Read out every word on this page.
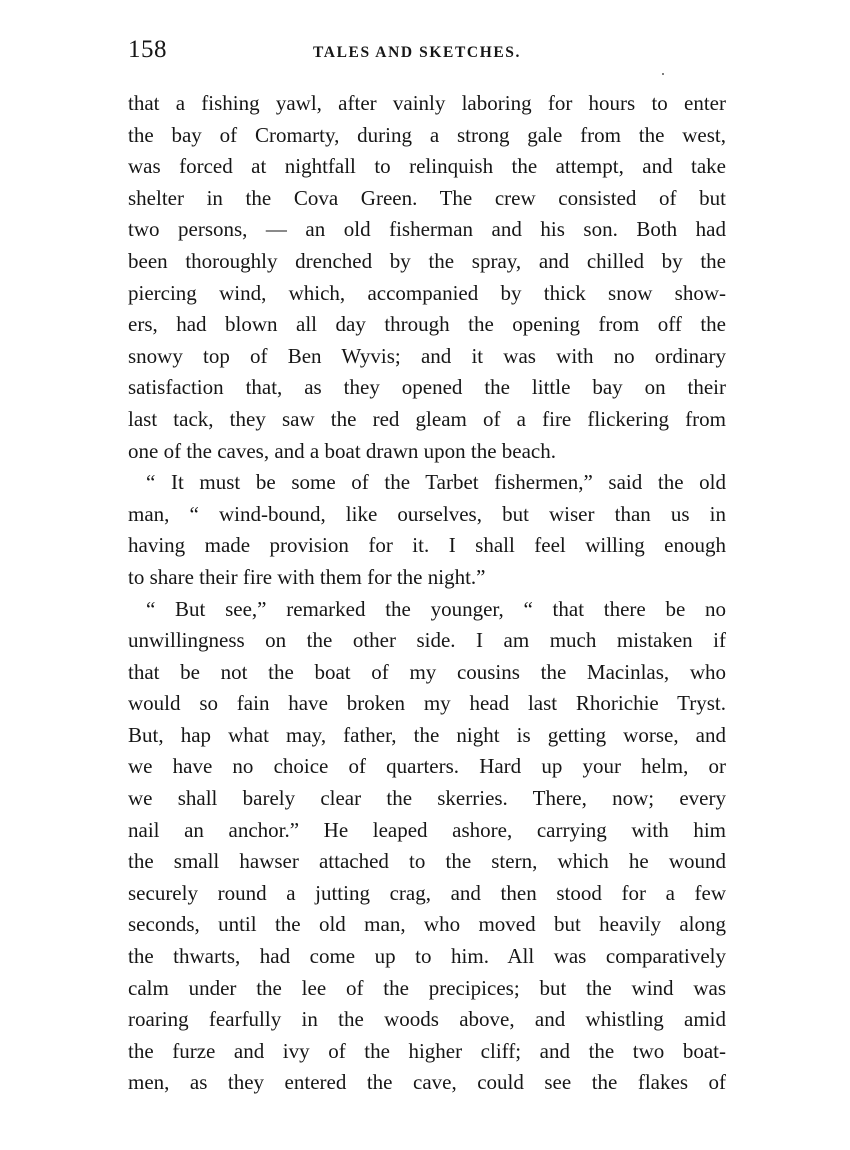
158	TALES AND SKETCHES.
that a fishing yawl, after vainly laboring for hours to enter
the bay of Cromarty, during a strong gale from the west,
was forced at nightfall to relinquish the attempt, and take
shelter in the Cova Green. The crew consisted of but
two persons, — an old fisherman and his son. Both had
been thoroughly drenched by the spray, and chilled by the
piercing wind, which, accompanied by thick snow show-
ers, had blown all day through the opening from off the
snowy top of Ben Wyvis; and it was with no ordinary
satisfaction that, as they opened the little bay on their
last tack, they saw the red gleam of a fire flickering from
one of the caves, and a boat drawn upon the beach.
“ It must be some of the Tarbet fishermen,” said the old
man, “ wind-bound, like ourselves, but wiser than us in
having made provision for it. I shall feel willing enough
to share their fire with them for the night.”
“ But see,” remarked the younger, “ that there be no
unwillingness on the other side. I am much mistaken if
that be not the boat of my cousins the Macinlas, who
would so fain have broken my head last Rhorichie Tryst.
But, hap what may, father, the night is getting worse, and
we have no choice of quarters. Hard up your helm, or
we shall barely clear the skerries. There, now; every
nail an anchor.” He leaped ashore, carrying with him
the small hawser attached to the stern, which he wound
securely round a jutting crag, and then stood for a few
seconds, until the old man, who moved but heavily along
the thwarts, had come up to him. All was comparatively
calm under the lee of the precipices; but the wind was
roaring fearfully in the woods above, and whistling amid
the furze and ivy of the higher cliff; and the two boat-
men, as they entered the cave, could see the flakes of
